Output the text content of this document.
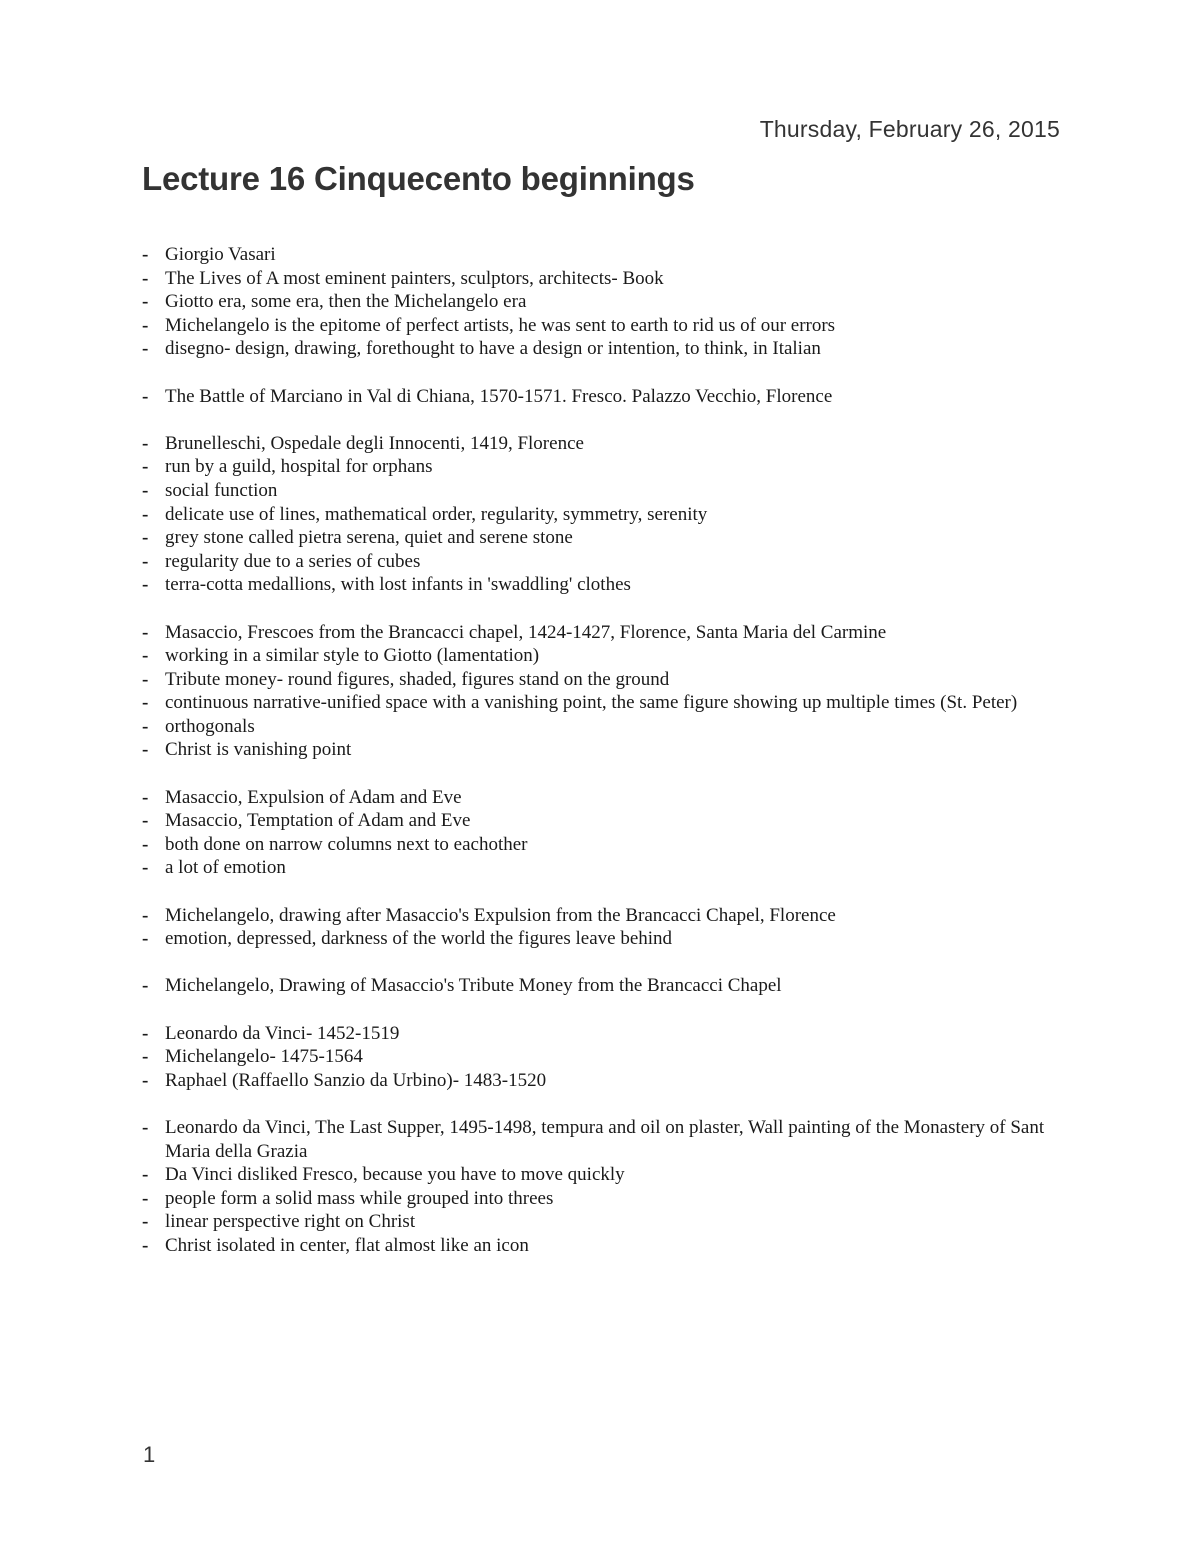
Thursday, February 26, 2015
Lecture 16 Cinquecento beginnings
- Giorgio Vasari
- The Lives of A most eminent painters, sculptors, architects- Book
- Giotto era, some era, then the Michelangelo era
- Michelangelo is the epitome of perfect artists, he was sent to earth to rid us of our errors
- disegno- design, drawing, forethought to have a design or intention, to think, in Italian
- The Battle of Marciano in Val di Chiana, 1570-1571. Fresco. Palazzo Vecchio, Florence
- Brunelleschi, Ospedale degli Innocenti, 1419, Florence
- run by a guild, hospital for orphans
- social function
- delicate use of lines, mathematical order, regularity, symmetry, serenity
- grey stone called pietra serena, quiet and serene stone
- regularity due to a series of cubes
- terra-cotta medallions, with lost infants in 'swaddling' clothes
- Masaccio, Frescoes from the Brancacci chapel, 1424-1427, Florence, Santa Maria del Carmine
- working in a similar style to Giotto (lamentation)
- Tribute money- round figures, shaded, figures stand on the ground
- continuous narrative-unified space with a vanishing point, the same figure showing up multiple times (St. Peter)
- orthogonals
- Christ is vanishing point
- Masaccio, Expulsion of Adam and Eve
- Masaccio, Temptation of Adam and Eve
- both done on narrow columns next to eachother
- a lot of emotion
- Michelangelo, drawing after Masaccio's Expulsion from the Brancacci Chapel, Florence
- emotion, depressed, darkness of the world the figures leave behind
- Michelangelo, Drawing of Masaccio's Tribute Money from the Brancacci Chapel
- Leonardo da Vinci- 1452-1519
- Michelangelo- 1475-1564
- Raphael (Raffaello Sanzio da Urbino)- 1483-1520
- Leonardo da Vinci, The Last Supper, 1495-1498, tempura and oil on plaster, Wall painting of the Monastery of Sant Maria della Grazia
- Da Vinci disliked Fresco, because you have to move quickly
- people form a solid mass while grouped into threes
- linear perspective right on Christ
- Christ isolated in center, flat almost like an icon
1
